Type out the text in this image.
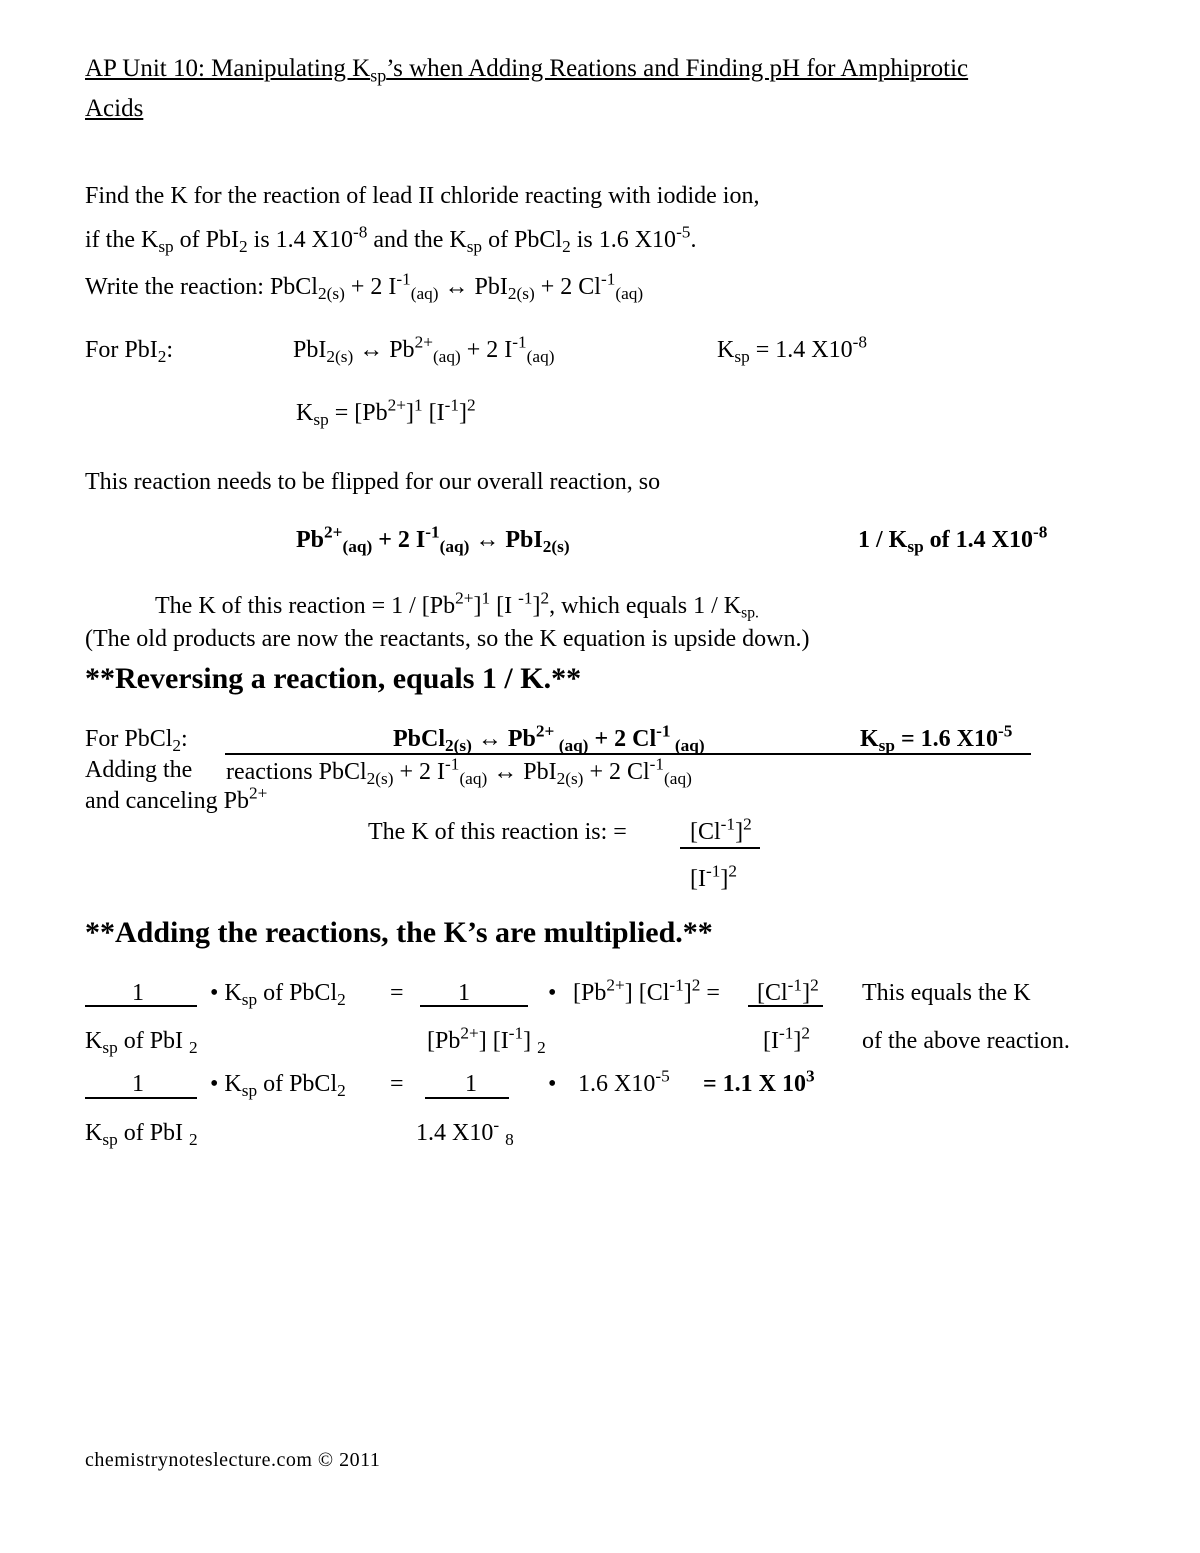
AP Unit 10: Manipulating $K_{sp}’s$ when Adding Reations and Finding pH for Amphiprotic
Acids
Find the K for the reaction of lead II chloride reacting with iodide ion,
if the $K_{sp}$ of PbI$_2$ is 1.4 $X10^{-8}$ and the $K_{sp}$ of PbCl$_2$ is 1.6 $X10^{-5}$.
Write the reaction: PbCl$_{2(s)}$ + 2 $I^{-1}_{(aq)}$ ↔ PbI$_{2(s)}$ + 2 $Cl^{-1}_{(aq)}$
For PbI$_2$:	PbI$_{2(s)}$ ↔ $Pb^{2+}_{(aq)} + 2$ $I^{-1}_{(aq)}$	$K_{sp} = 1.4$ $X10^{-8}$
$K_{sp} = [Pb^{2+}]^1$ $[I^{-1}]^2$
This reaction needs to be flipped for our overall reaction, so
$Pb^{2+}_{(aq)} + 2$ $I^{-1}_{(aq)}$ ↔ PbI$_{2(s)}$	$1 / K_{sp}$ of 1.4 $X10^{-8}$
The K of this reaction = $1 / [Pb^{2+}]^1$ [I $^{-1}$]$^2$, which equals $1 / K_{sp.}$
(The old products are now the reactants, so the K equation is upside down.)
**Reversing a reaction, equals 1 / K.**
For PbCl$_2$:	PbCl$_{2(s)}$ ↔ $Pb^{2+}$ $_{(aq)}$ + 2 $Cl^{-1}$ $_{(aq)}$	$K_{sp} = 1.6$ $X10^{-5}$
Adding the reactions PbCl$_{2(s)}$ + 2 $I^{-1}_{(aq)}$ ↔ PbI$_{2(s)}$ + 2 $Cl^{-1}_{(aq)}$
and canceling $Pb^{2+}$
The K of this reaction is: =	$[Cl^{-1}]^2$
$[I^{-1}]^2$
**Adding the reactions, the K’s are multiplied.**
1	• $K_{sp}$ of PbCl$_2$ = 1	• $[Pb^{2+}] [Cl^{-1}]^2 = [Cl^{-1}]^2$ This equals the K
$K_{sp}$ of PbI $_2$	$[Pb^{2+}]$ $[I^{-1}]$ $_2$	$[I^{-1}]^2$ of the above reaction.
1	• $K_{sp}$ of PbCl$_2$ =	1	• 1.6 $X10^{-5} = 1.1$ X $10^3$
$K_{sp}$ of PbI $_2$	1.4 X10- $_8$
chemistrynoteslecture.com © 2011
